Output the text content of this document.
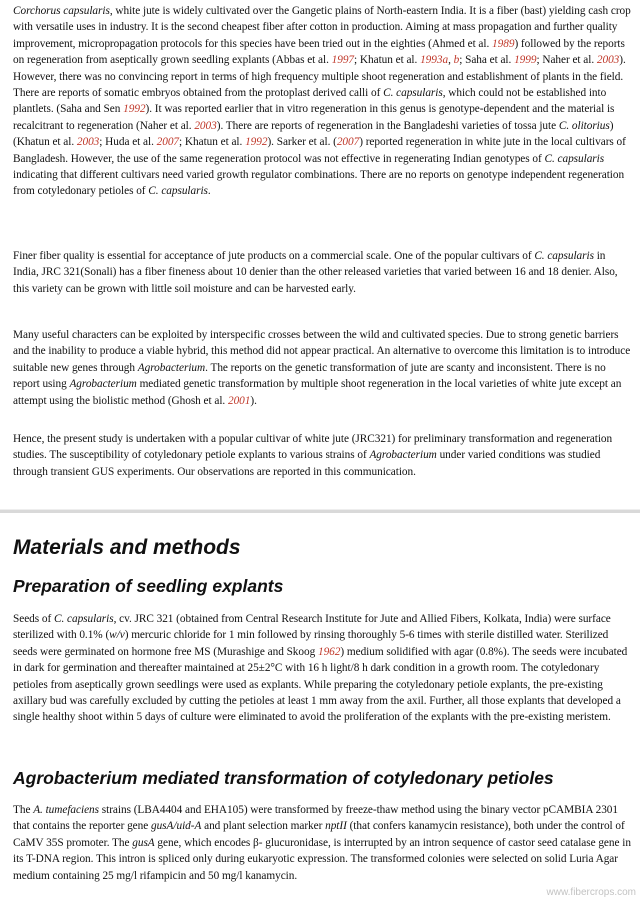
Corchorus capsularis, white jute is widely cultivated over the Gangetic plains of North-eastern India. It is a fiber (bast) yielding cash crop with versatile uses in industry. It is the second cheapest fiber after cotton in production. Aiming at mass propagation and further quality improvement, micropropagation protocols for this species have been tried out in the eighties (Ahmed et al. 1989) followed by the reports on regeneration from aseptically grown seedling explants (Abbas et al. 1997; Khatun et al. 1993a, b; Saha et al. 1999; Naher et al. 2003). However, there was no convincing report in terms of high frequency multiple shoot regeneration and establishment of plants in the field. There are reports of somatic embryos obtained from the protoplast derived calli of C. capsularis, which could not be established into plantlets. (Saha and Sen 1992). It was reported earlier that in vitro regeneration in this genus is genotype-dependent and the material is recalcitrant to regeneration (Naher et al. 2003). There are reports of regeneration in the Bangladeshi varieties of tossa jute C. olitorius) (Khatun et al. 2003; Huda et al. 2007; Khatun et al. 1992). Sarker et al. (2007) reported regeneration in white jute in the local cultivars of Bangladesh. However, the use of the same regeneration protocol was not effective in regenerating Indian genotypes of C. capsularis indicating that different cultivars need varied growth regulator combinations. There are no reports on genotype independent regeneration from cotyledonary petioles of C. capsularis.

Finer fiber quality is essential for acceptance of jute products on a commercial scale. One of the popular cultivars of C. capsularis in India, JRC 321(Sonali) has a fiber fineness about 10 denier than the other released varieties that varied between 16 and 18 denier. Also, this variety can be grown with little soil moisture and can be harvested early.

Many useful characters can be exploited by interspecific crosses between the wild and cultivated species. Due to strong genetic barriers and the inability to produce a viable hybrid, this method did not appear practical. An alternative to overcome this limitation is to introduce suitable new genes through Agrobacterium. The reports on the genetic transformation of jute are scanty and inconsistent. There is no report using Agrobacterium mediated genetic transformation by multiple shoot regeneration in the local varieties of white jute except an attempt using the biolistic method (Ghosh et al. 2001).

Hence, the present study is undertaken with a popular cultivar of white jute (JRC321) for preliminary transformation and regeneration studies. The susceptibility of cotyledonary petiole explants to various strains of Agrobacterium under varied conditions was studied through transient GUS experiments. Our observations are reported in this communication.

Materials and methods
Preparation of seedling explants

Seeds of C. capsularis, cv. JRC 321 (obtained from Central Research Institute for Jute and Allied Fibers, Kolkata, India) were surface sterilized with 0.1% (w/v) mercuric chloride for 1 min followed by rinsing thoroughly 5-6 times with sterile distilled water. Sterilized seeds were germinated on hormone free MS (Murashige and Skoog 1962) medium solidified with agar (0.8%). The seeds were incubated in dark for germination and thereafter maintained at 25±2°C with 16 h light/8 h dark condition in a growth room. The cotyledonary petioles from aseptically grown seedlings were used as explants. While preparing the cotyledonary petiole explants, the pre-existing axillary bud was carefully excluded by cutting the petioles at least 1 mm away from the axil. Further, all those explants that developed a single healthy shoot within 5 days of culture were eliminated to avoid the proliferation of the explants with the pre-existing meristem.

Agrobacterium mediated transformation of cotyledonary petioles

The A. tumefaciens strains (LBA4404 and EHA105) were transformed by freeze-thaw method using the binary vector pCAMBIA 2301 that contains the reporter gene gusA/uid-A and plant selection marker nptII (that confers kanamycin resistance), both under the control of CaMV 35S promoter. The gusA gene, which encodes β- glucuronidase, is interrupted by an intron sequence of castor seed catalase gene in its T-DNA region. This intron is spliced only during eukaryotic expression. The transformed colonies were selected on solid Luria Agar medium containing 25 mg/l rifampicin and 50 mg/l kanamycin.

www.fibercrops.com
